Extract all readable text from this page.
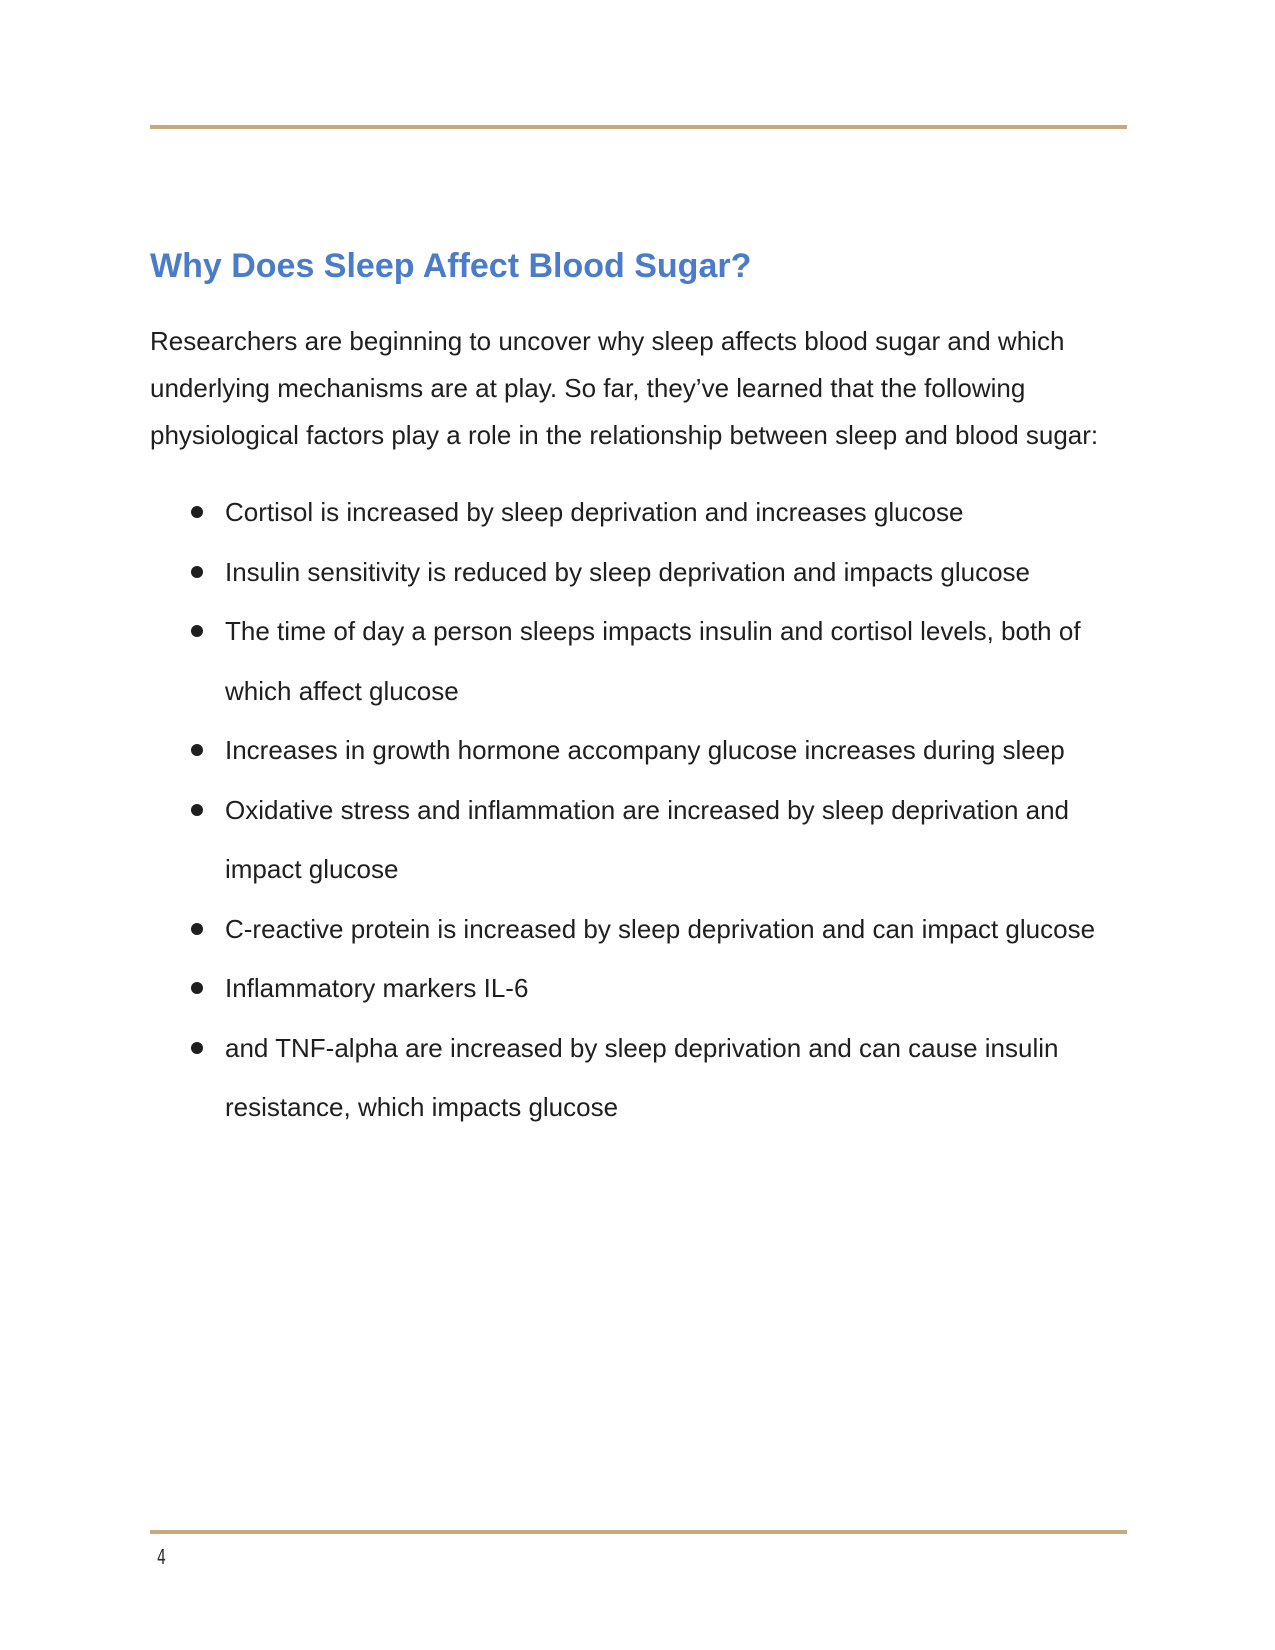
Why Does Sleep Affect Blood Sugar?

Researchers are beginning to uncover why sleep affects blood sugar and which underlying mechanisms are at play. So far, they’ve learned that the following physiological factors play a role in the relationship between sleep and blood sugar:

Cortisol is increased by sleep deprivation and increases glucose
Insulin sensitivity is reduced by sleep deprivation and impacts glucose
The time of day a person sleeps impacts insulin and cortisol levels, both of which affect glucose
Increases in growth hormone accompany glucose increases during sleep
Oxidative stress and inflammation are increased by sleep deprivation and impact glucose
C-reactive protein is increased by sleep deprivation and can impact glucose
Inflammatory markers IL-6
and TNF-alpha are increased by sleep deprivation and can cause insulin resistance, which impacts glucose
4
